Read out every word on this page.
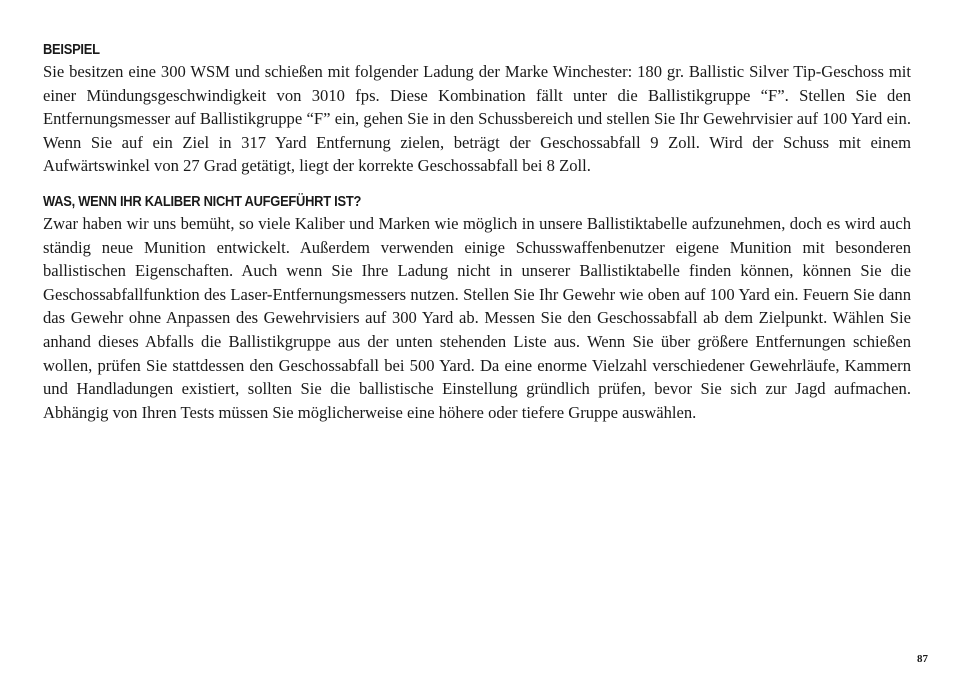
BEISPIEL

Sie besitzen eine 300 WSM und schießen mit folgender Ladung der Marke Winchester: 180 gr. Ballistic Silver Tip-Geschoss mit einer Mündungsgeschwindigkeit von 3010 fps. Diese Kombination fällt unter die Ballistikgruppe “F”. Stellen Sie den Entfernungsmesser auf Ballistikgruppe “F” ein, gehen Sie in den Schussbereich und stellen Sie Ihr Gewehrvisier auf 100 Yard ein. Wenn Sie auf ein Ziel in 317 Yard Entfernung zielen, beträgt der Geschossabfall 9 Zoll. Wird der Schuss mit einem Aufwärtswinkel von 27 Grad getätigt, liegt der korrekte Geschossabfall bei 8 Zoll.

WAS, WENN IHR KALIBER NICHT AUFGEFÜHRT IST?

Zwar haben wir uns bemüht, so viele Kaliber und Marken wie möglich in unsere Ballistiktabelle aufzunehmen, doch es wird auch ständig neue Munition entwickelt. Außerdem verwenden einige Schusswaffenbenutzer eigene Munition mit besonderen ballistischen Eigenschaften. Auch wenn Sie Ihre Ladung nicht in unserer Ballistiktabelle finden können, können Sie die Geschossabfallfunktion des Laser-Entfernungsmessers nutzen. Stellen Sie Ihr Gewehr wie oben auf 100 Yard ein. Feuern Sie dann das Gewehr ohne Anpassen des Gewehrvisiers auf 300 Yard ab. Messen Sie den Geschossabfall ab dem Zielpunkt. Wählen Sie anhand dieses Abfalls die Ballistikgruppe aus der unten stehenden Liste aus. Wenn Sie über größere Entfernungen schießen wollen, prüfen Sie stattdessen den Geschossabfall bei 500 Yard. Da eine enorme Vielzahl verschiedener Gewehrläufe, Kammern und Handladungen existiert, sollten Sie die ballistische Einstellung gründlich prüfen, bevor Sie sich zur Jagd aufmachen. Abhängig von Ihren Tests müssen Sie möglicherweise eine höhere oder tiefere Gruppe auswählen.

87
